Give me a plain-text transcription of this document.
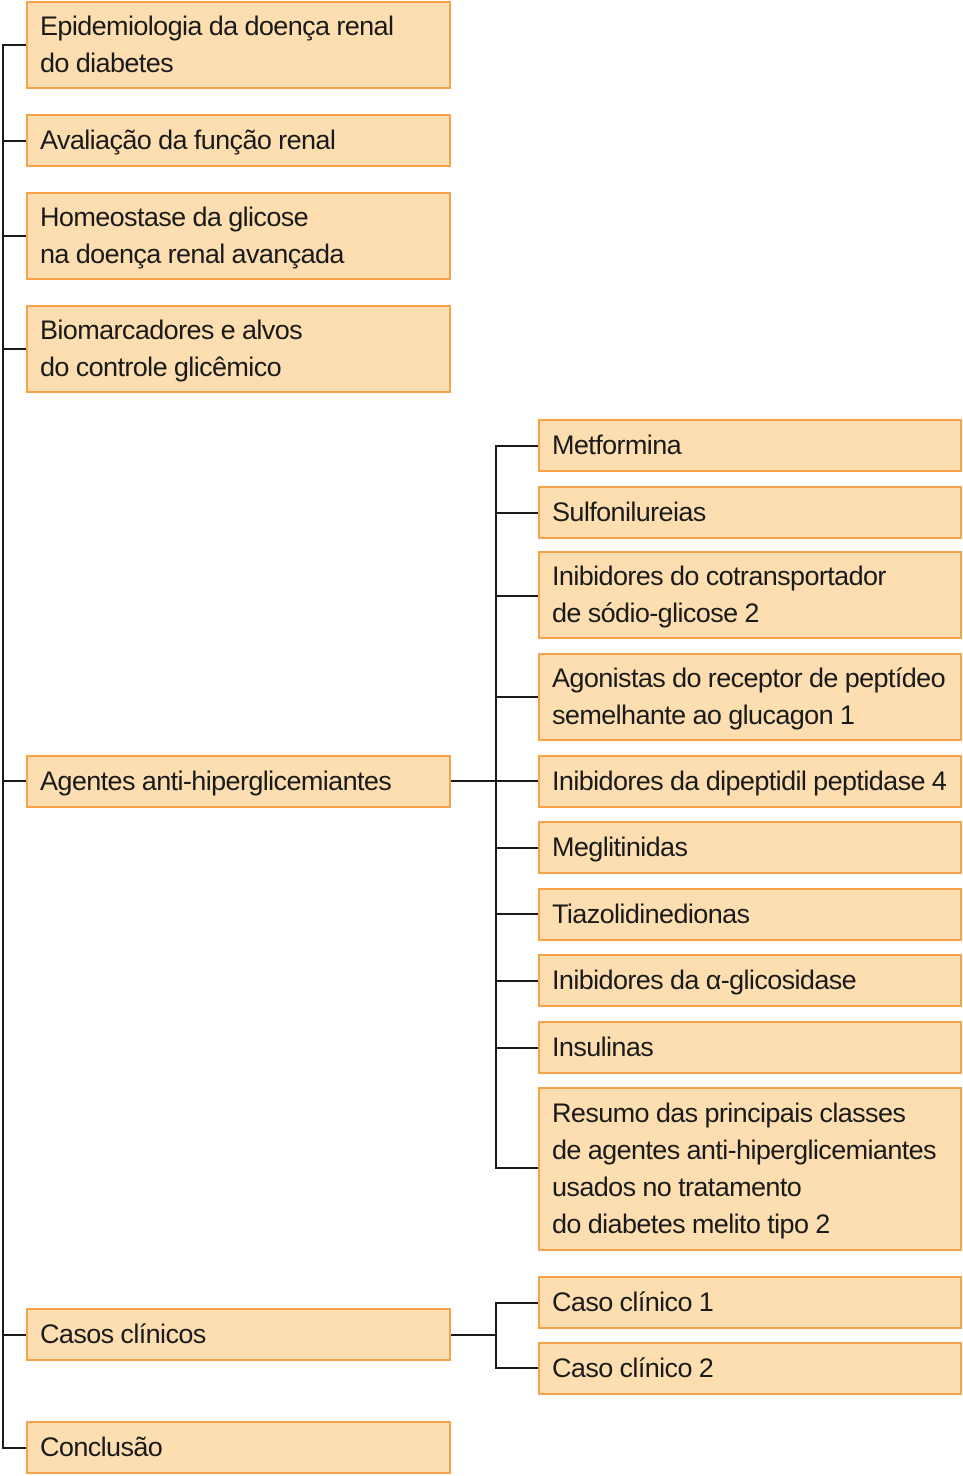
Epidemiologia da doença renal
do diabetes
Avaliação da função renal
Homeostase da glicose
na doença renal avançada
Biomarcadores e alvos
do controle glicêmico
Agentes anti-hiperglicemiantes
Casos clínicos
Conclusão
Metformina
Sulfonilureias
Inibidores do cotransportador
de sódio-glicose 2
Agonistas do receptor de peptídeo
semelhante ao glucagon 1
Inibidores da dipeptidil peptidase 4
Meglitinidas
Tiazolidinedionas
Inibidores da α-glicosidase
Insulinas
Resumo das principais classes
de agentes anti-hiperglicemiantes
usados no tratamento
do diabetes melito tipo 2
Caso clínico 1
Caso clínico 2
